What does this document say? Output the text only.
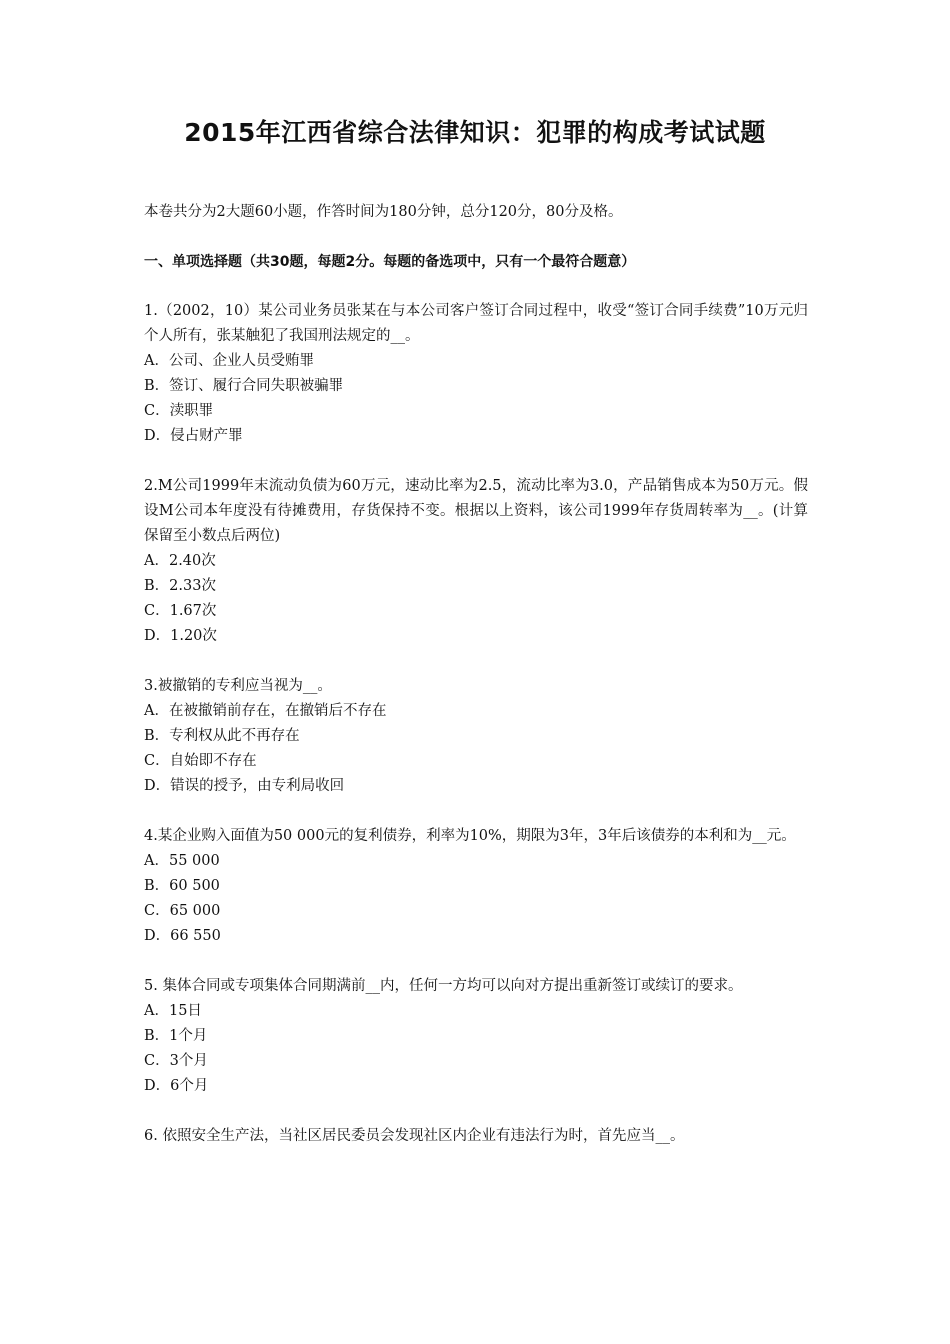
2015年江西省综合法律知识：犯罪的构成考试试题
本卷共分为2大题60小题，作答时间为180分钟，总分120分，80分及格。
一、单项选择题（共30题，每题2分。每题的备选项中，只有一个最符合题意）
1.（2002，10）某公司业务员张某在与本公司客户签订合同过程中，收受“签订合同手续费”10万元归个人所有，张某触犯了我国刑法规定的__。
A．公司、企业人员受贿罪
B．签订、履行合同失职被骗罪
C．渎职罪
D．侵占财产罪
2.M公司1999年末流动负债为60万元，速动比率为2.5，流动比率为3.0，产品销售成本为50万元。假设M公司本年度没有待摊费用，存货保持不变。根据以上资料，该公司1999年存货周转率为__。(计算保留至小数点后两位)
A．2.40次
B．2.33次
C．1.67次
D．1.20次
3.被撤销的专利应当视为__。
A．在被撤销前存在，在撤销后不存在
B．专利权从此不再存在
C．自始即不存在
D．错误的授予，由专利局收回
4.某企业购入面值为50 000元的复利债券，利率为10%，期限为3年，3年后该债券的本利和为__元。
A．55 000
B．60 500
C．65 000
D．66 550
5. 集体合同或专项集体合同期满前__内，任何一方均可以向对方提出重新签订或续订的要求。
A．15日
B．1个月
C．3个月
D．6个月
6. 依照安全生产法，当社区居民委员会发现社区内企业有违法行为时，首先应当__。
